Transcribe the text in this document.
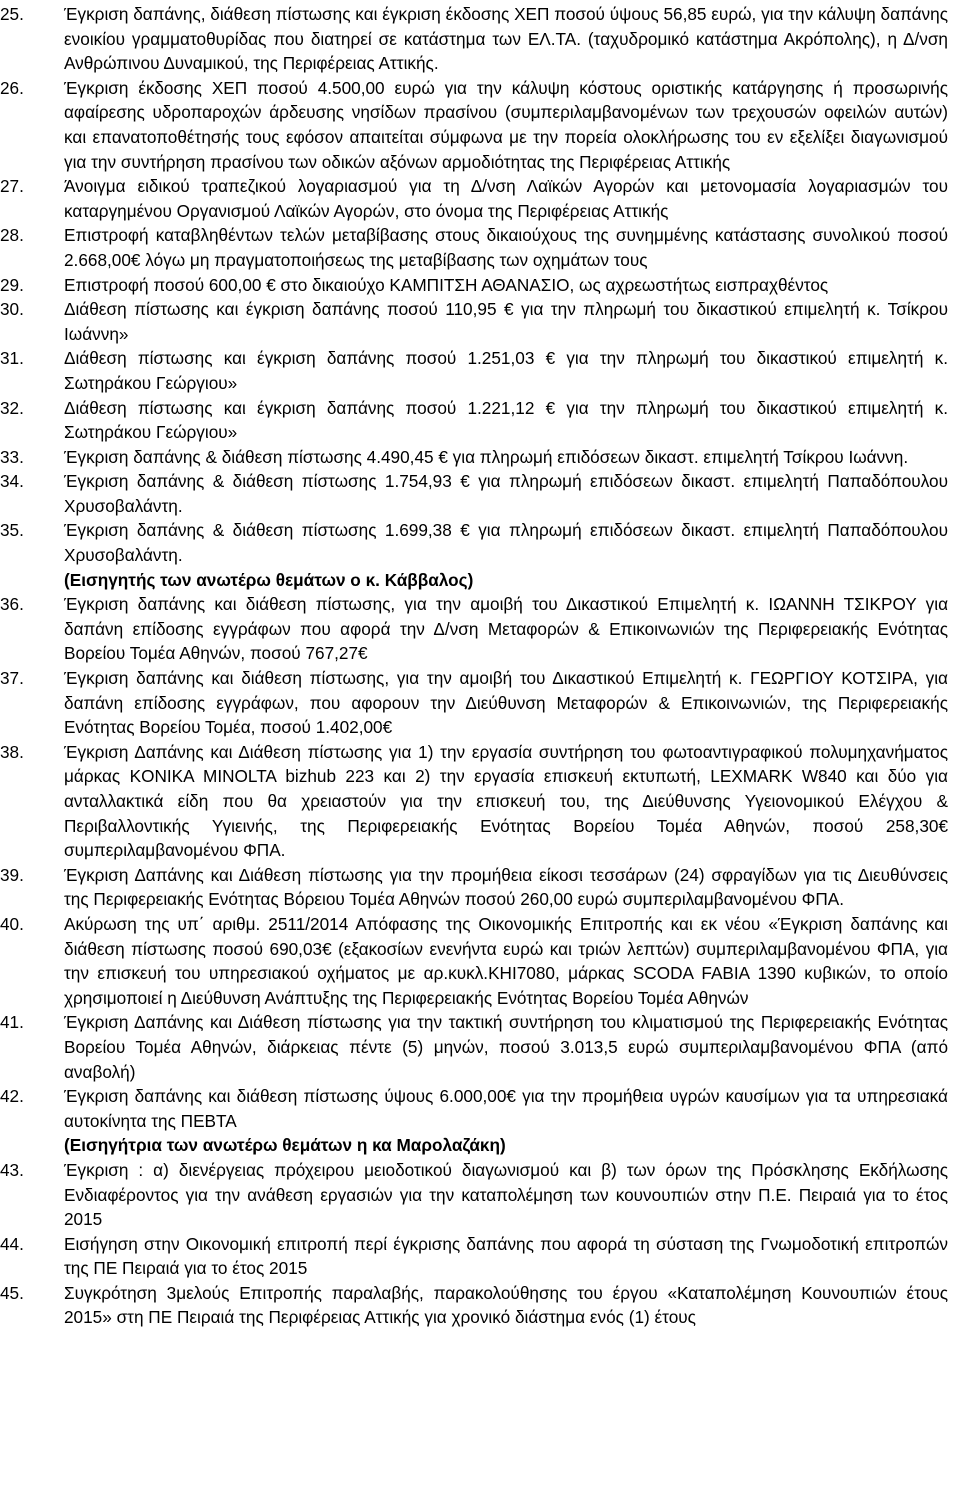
25.	Έγκριση δαπάνης, διάθεση πίστωσης και έγκριση έκδοσης ΧΕΠ ποσού ύψους 56,85 ευρώ, για την κάλυψη δαπάνης ενοικίου γραμματοθυρίδας που διατηρεί σε κατάστημα των ΕΛ.ΤΑ. (ταχυδρομικό κατάστημα Ακρόπολης), η Δ/νση Ανθρώπινου Δυναμικού, της Περιφέρειας Αττικής.
26.	Έγκριση έκδοσης ΧΕΠ ποσού 4.500,00 ευρώ για την κάλυψη κόστους οριστικής κατάργησης ή προσωρινής αφαίρεσης υδροπαροχών άρδευσης νησίδων πρασίνου (συμπεριλαμβανομένων των τρεχουσών οφειλών αυτών) και επανατοποθέτησής τους εφόσον απαιτείται σύμφωνα με την πορεία ολοκλήρωσης του εν εξελίξει διαγωνισμού για την συντήρηση πρασίνου των οδικών αξόνων αρμοδιότητας της Περιφέρειας Αττικής
27.	Άνοιγμα ειδικού τραπεζικού λογαριασμού για τη Δ/νση Λαϊκών Αγορών και μετονομασία λογαριασμών του καταργημένου Οργανισμού Λαϊκών Αγορών, στο όνομα της Περιφέρειας Αττικής
28.	Επιστροφή καταβληθέντων τελών μεταβίβασης στους δικαιούχους της συνημμένης κατάστασης συνολικού ποσού 2.668,00€ λόγω μη πραγματοποιήσεως της μεταβίβασης των οχημάτων τους
29.	Επιστροφή ποσού 600,00 € στο δικαιούχο ΚΑΜΠΙΤΣΗ ΑΘΑΝΑΣΙΟ, ως αχρεωστήτως εισπραχθέντος
30.	Διάθεση πίστωσης και έγκριση δαπάνης ποσού 110,95 € για την πληρωμή του δικαστικού επιμελητή κ. Τσίκρου Ιωάννη»
31.	Διάθεση πίστωσης και έγκριση δαπάνης ποσού 1.251,03 € για την πληρωμή του δικαστικού επιμελητή κ. Σωτηράκου Γεώργιου»
32.	Διάθεση πίστωσης και έγκριση δαπάνης ποσού 1.221,12 € για την πληρωμή του δικαστικού επιμελητή κ. Σωτηράκου Γεώργιου»
33.	Έγκριση δαπάνης & διάθεση πίστωσης 4.490,45 € για πληρωμή επιδόσεων δικαστ. επιμελητή Τσίκρου Ιωάννη.
34.	Έγκριση δαπάνης & διάθεση πίστωσης 1.754,93 € για πληρωμή επιδόσεων δικαστ. επιμελητή Παπαδόπουλου Χρυσοβαλάντη.
35.	Έγκριση δαπάνης & διάθεση πίστωσης 1.699,38 € για πληρωμή επιδόσεων δικαστ. επιμελητή Παπαδόπουλου Χρυσοβαλάντη.
(Εισηγητής των ανωτέρω θεμάτων ο κ. Κάββαλος)
36.	Έγκριση δαπάνης και διάθεση πίστωσης, για την αμοιβή του Δικαστικού Επιμελητή κ. ΙΩΑΝΝΗ ΤΣΙΚΡΟΥ για δαπάνη επίδοσης εγγράφων που αφορά την Δ/νση Μεταφορών & Επικοινωνιών της Περιφερειακής Ενότητας Βορείου Τομέα Αθηνών, ποσού 767,27€
37.	Έγκριση δαπάνης και διάθεση πίστωσης, για την αμοιβή του Δικαστικού Επιμελητή κ. ΓΕΩΡΓΙΟΥ ΚΟΤΣΙΡΑ, για δαπάνη επίδοσης εγγράφων, που αφορουν την Διεύθυνση Μεταφορών & Επικοινωνιών, της Περιφερειακής Ενότητας Βορείου Τομέα, ποσού 1.402,00€
38.	Έγκριση Δαπάνης και Διάθεση πίστωσης για 1) την εργασία συντήρηση του φωτοαντιγραφικού πολυμηχανήματος μάρκας KONIKA MINOLTA bizhub 223 και 2) την εργασία επισκευή εκτυπωτή, LEXMARK W840 και δύο για ανταλλακτικά είδη που θα χρειαστούν για την επισκευή του, της Διεύθυνσης Υγειονομικού Ελέγχου & Περιβαλλοντικής Υγιεινής, της Περιφερειακής Ενότητας Βορείου Τομέα Αθηνών, ποσού 258,30€ συμπεριλαμβανομένου ΦΠΑ.
39.	Έγκριση Δαπάνης και Διάθεση πίστωσης για την προμήθεια είκοσι τεσσάρων (24) σφραγίδων για τις Διευθύνσεις της Περιφερειακής Ενότητας Βόρειου Τομέα Αθηνών ποσού 260,00 ευρώ συμπεριλαμβανομένου ΦΠΑ.
40.	Ακύρωση της υπ΄ αριθμ. 2511/2014 Απόφασης της Οικονομικής Επιτροπής και εκ νέου «Έγκριση δαπάνης και διάθεση πίστωσης ποσού 690,03€ (εξακοσίων ενενήντα ευρώ και τριών λεπτών) συμπεριλαμβανομένου ΦΠΑ, για την επισκευή του υπηρεσιακού οχήματος με αρ.κυκλ.ΚΗΙ7080, μάρκας SCODA FABIA 1390 κυβικών, το οποίο χρησιμοποιεί η Διεύθυνση Ανάπτυξης της Περιφερειακής Ενότητας Βορείου Τομέα Αθηνών
41.	Έγκριση Δαπάνης και Διάθεση πίστωσης για την τακτική συντήρηση του κλιματισμού της Περιφερειακής Ενότητας Βορείου Τομέα Αθηνών, διάρκειας πέντε (5) μηνών, ποσού 3.013,5 ευρώ συμπεριλαμβανομένου ΦΠΑ (από αναβολή)
42.	Έγκριση δαπάνης και διάθεση πίστωσης ύψους 6.000,00€ για την προμήθεια υγρών καυσίμων για τα υπηρεσιακά αυτοκίνητα της ΠΕΒΤΑ
(Εισηγήτρια των ανωτέρω θεμάτων η κα Μαρολαζάκη)
43.	Έγκριση : α) διενέργειας πρόχειρου μειοδοτικού διαγωνισμού και β) των όρων της Πρόσκλησης Εκδήλωσης Ενδιαφέροντος για την ανάθεση εργασιών για την καταπολέμηση των κουνουπιών στην Π.Ε. Πειραιά για το έτος 2015
44.	Εισήγηση στην Οικονομική επιτροπή περί έγκρισης δαπάνης που αφορά τη σύσταση της Γνωμοδοτική επιτροπών της ΠΕ Πειραιά για το έτος 2015
45.	Συγκρότηση 3μελούς Επιτροπής παραλαβής, παρακολούθησης του έργου «Καταπολέμηση Κουνουπιών έτους 2015» στη ΠΕ Πειραιά της Περιφέρειας Αττικής για χρονικό διάστημα ενός (1) έτους
